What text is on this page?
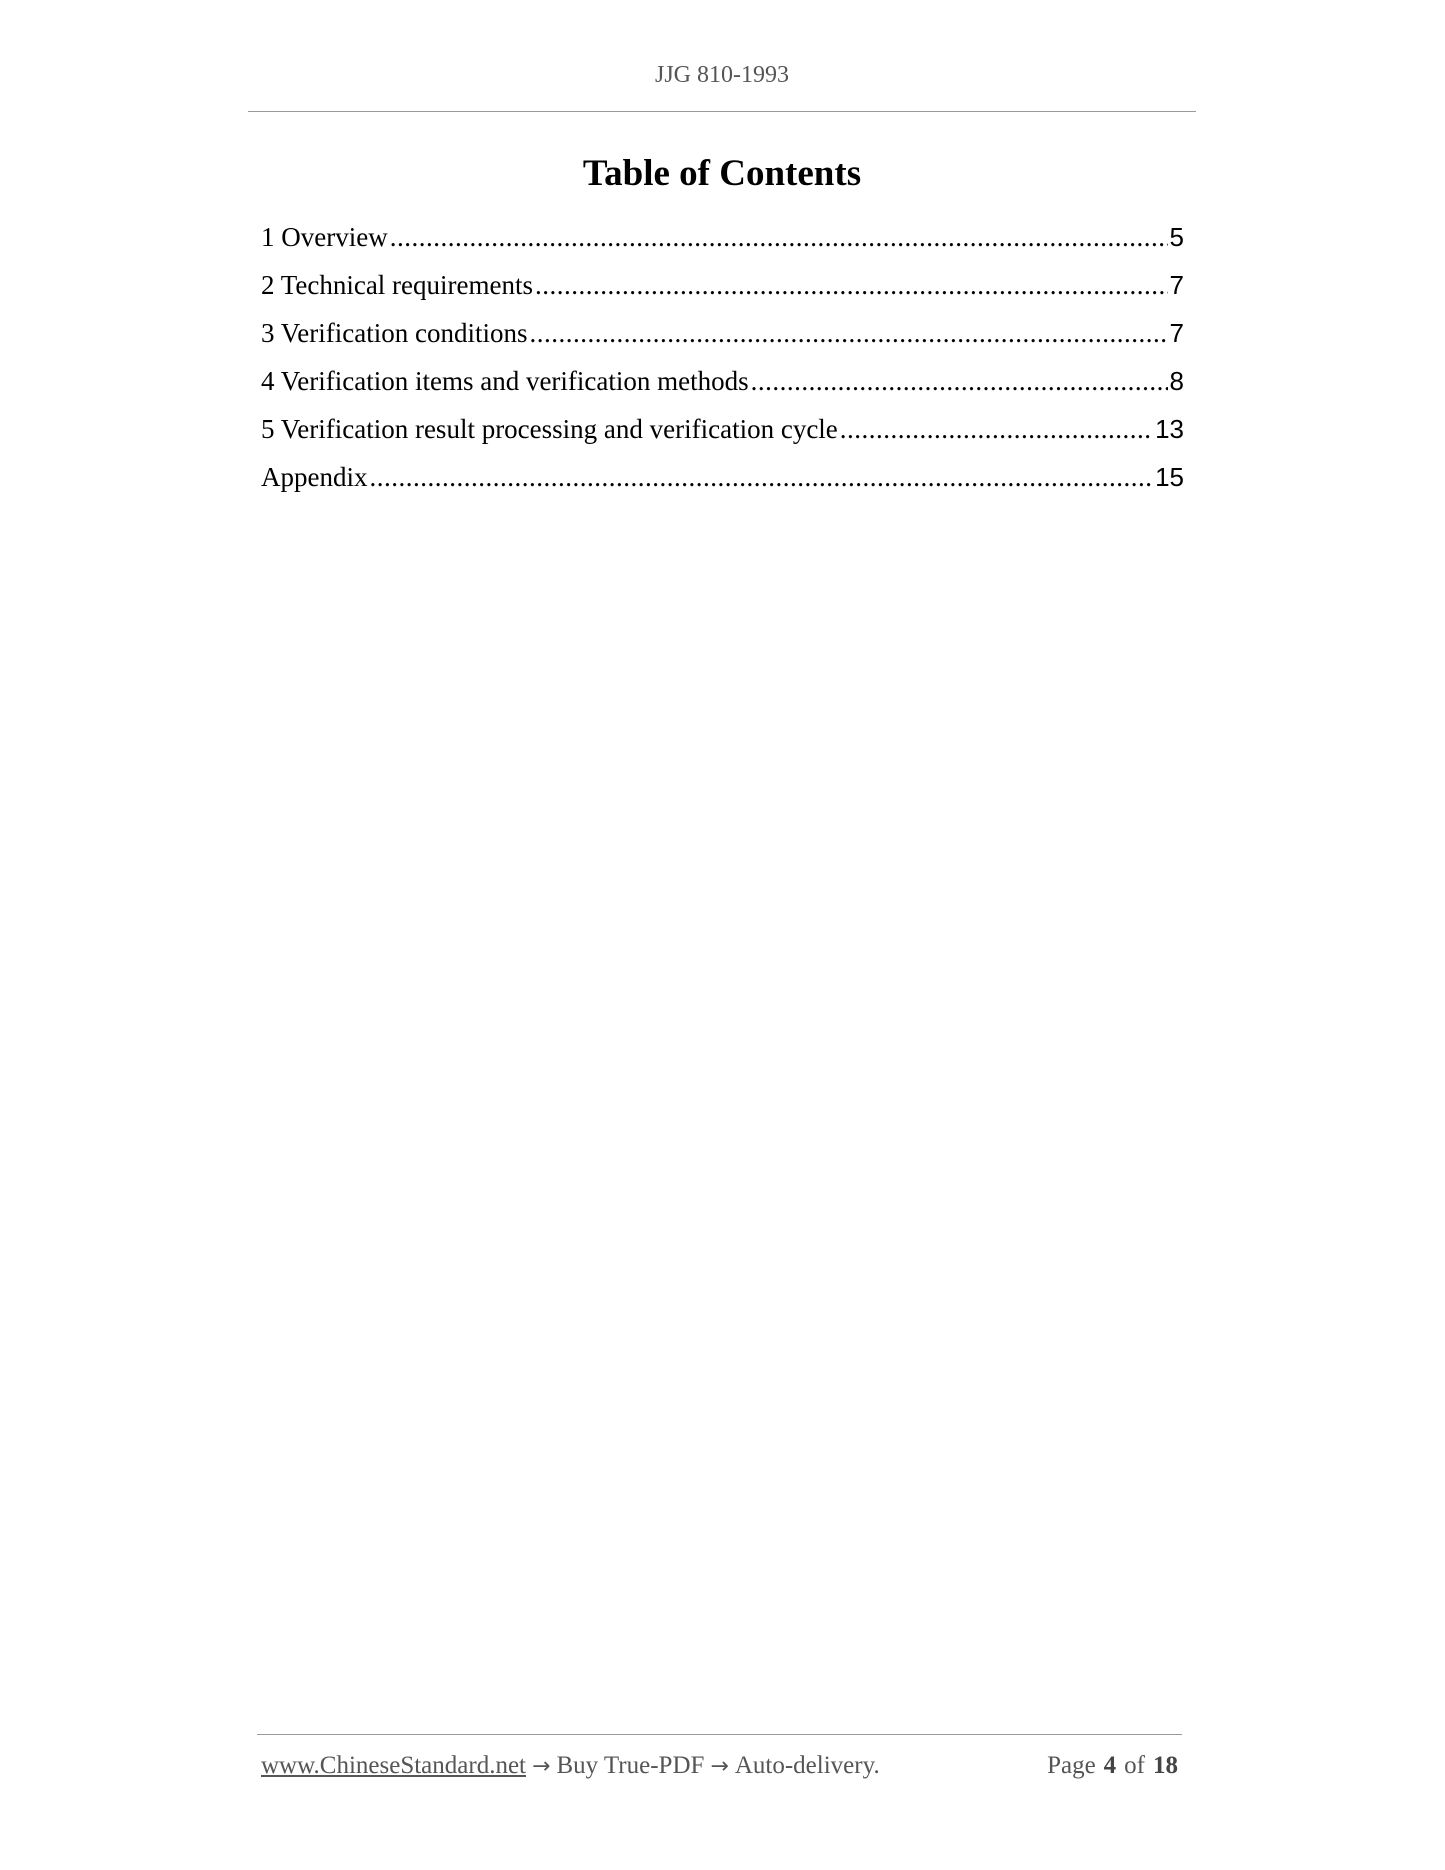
JJG 810-1993
Table of Contents
1 Overview .....	5
2 Technical requirements .....	7
3 Verification conditions .....	7
4 Verification items and verification methods .....	8
5 Verification result processing and verification cycle .....	13
Appendix .....	15
www.ChineseStandard.net → Buy True-PDF → Auto-delivery.	Page 4 of 18
